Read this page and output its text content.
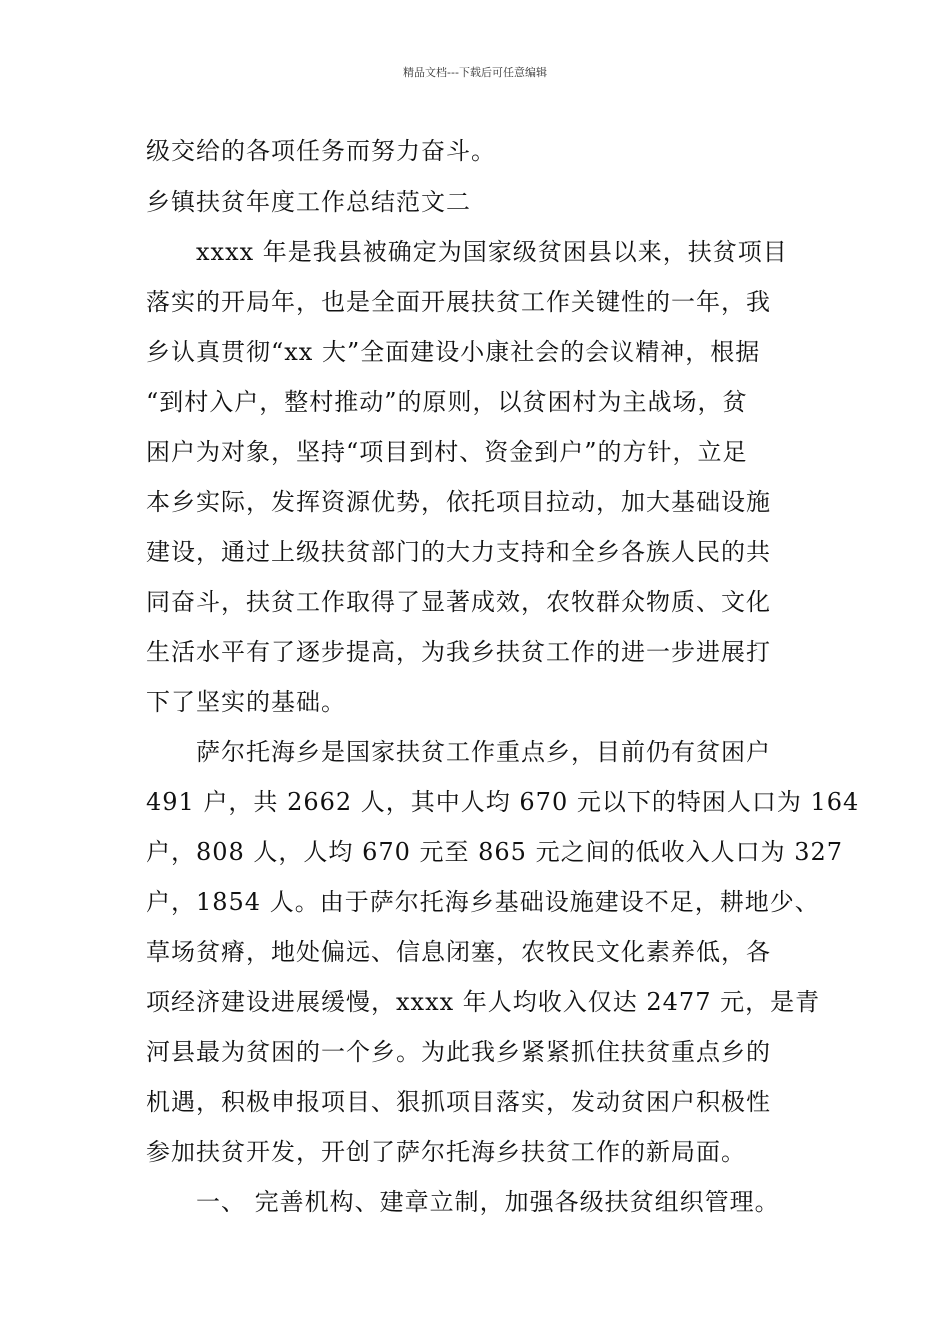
精品文档---下载后可任意编辑
级交给的各项任务而努力奋斗。
乡镇扶贫年度工作总结范文二
xxxx 年是我县被确定为国家级贫困县以来，扶贫项目
落实的开局年，也是全面开展扶贫工作关键性的一年，我
乡认真贯彻“xx 大”全面建设小康社会的会议精神，根据
“到村入户，整村推动”的原则，以贫困村为主战场，贫
困户为对象，坚持“项目到村、资金到户”的方针，立足
本乡实际，发挥资源优势，依托项目拉动，加大基础设施
建设，通过上级扶贫部门的大力支持和全乡各族人民的共
同奋斗，扶贫工作取得了显著成效，农牧群众物质、文化
生活水平有了逐步提高，为我乡扶贫工作的进一步进展打
下了坚实的基础。
萨尔托海乡是国家扶贫工作重点乡，目前仍有贫困户
491 户，共 2662 人，其中人均 670 元以下的特困人口为 164
户，808 人，人均 670 元至 865 元之间的低收入人口为 327
户，1854 人。由于萨尔托海乡基础设施建设不足，耕地少、
草场贫瘠，地处偏远、信息闭塞，农牧民文化素养低，各
项经济建设进展缓慢，xxxx 年人均收入仅达 2477 元，是青
河县最为贫困的一个乡。为此我乡紧紧抓住扶贫重点乡的
机遇，积极申报项目、狠抓项目落实，发动贫困户积极性
参加扶贫开发，开创了萨尔托海乡扶贫工作的新局面。
一、 完善机构、建章立制，加强各级扶贫组织管理。
